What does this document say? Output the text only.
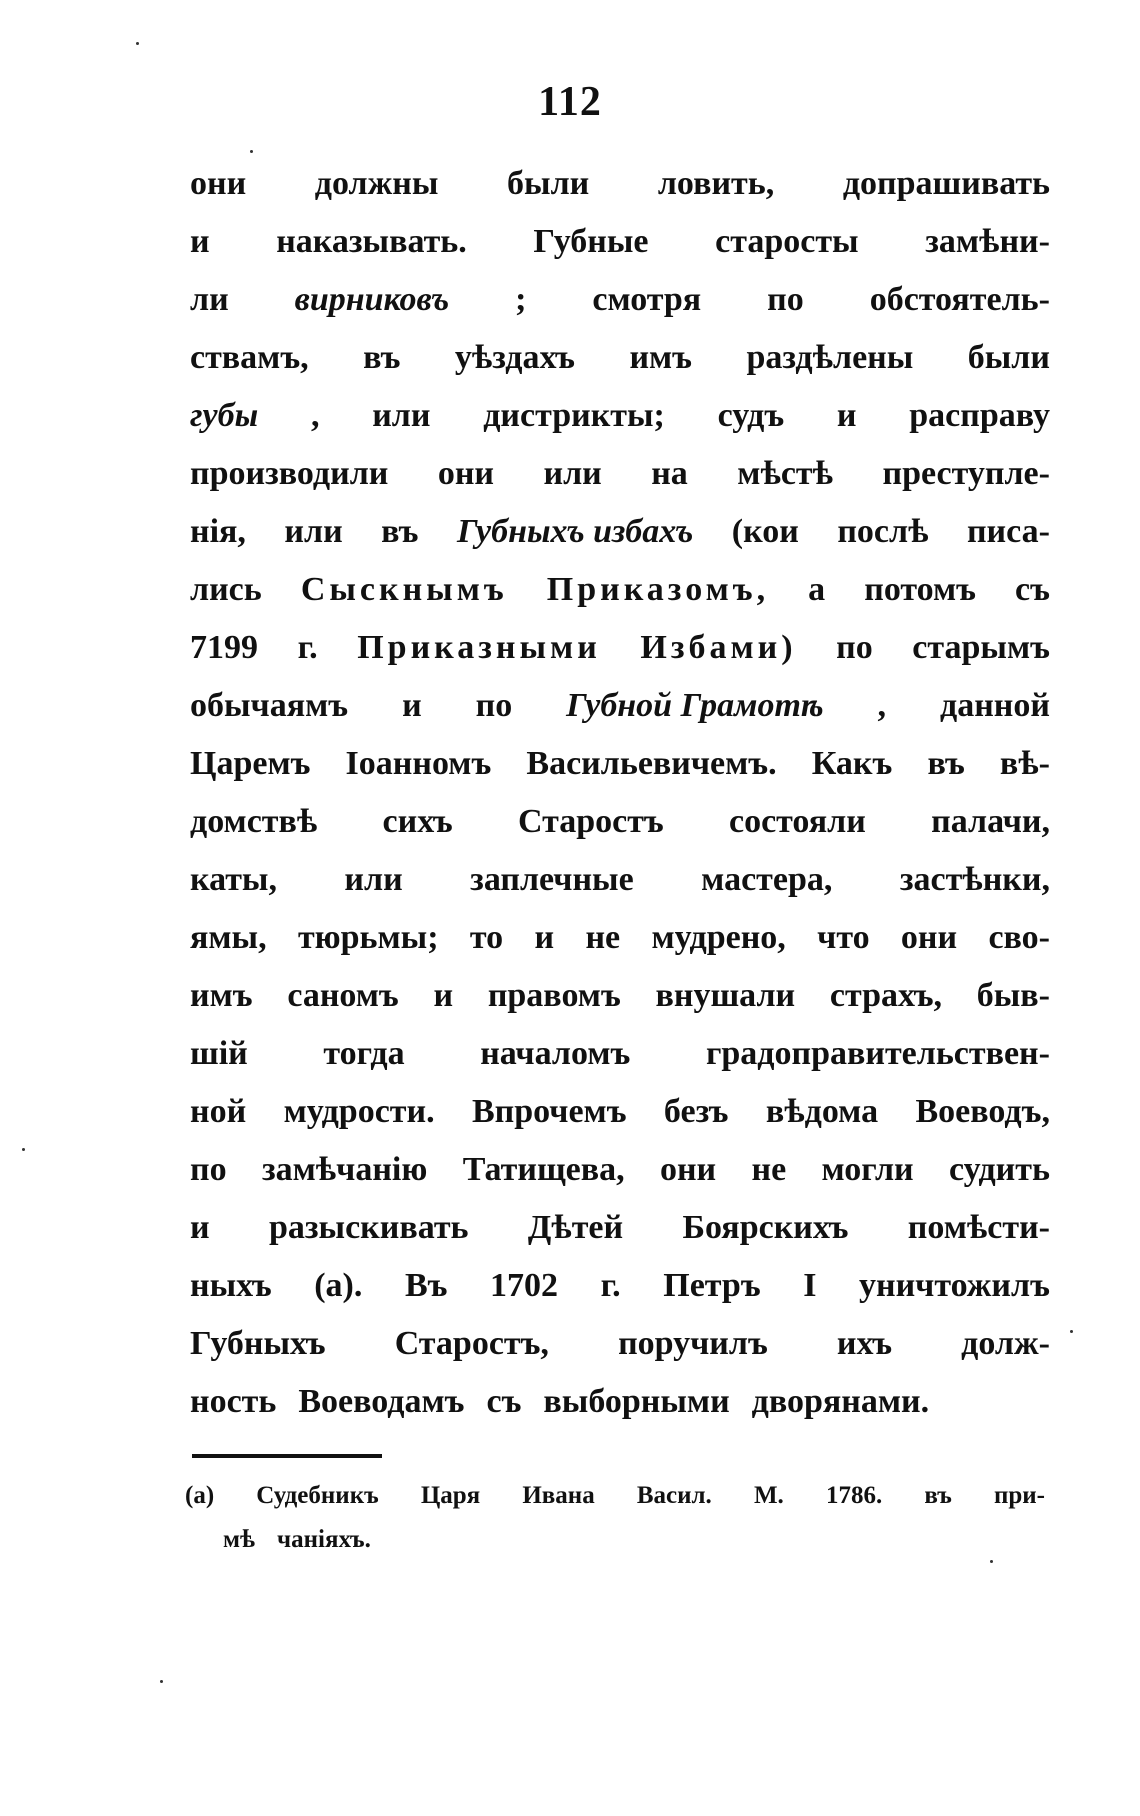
112
они должны были ловить, допрашивать
и наказывать. Губные старосты замѣни-
ли вирниковъ ; смотря по обстоятель-
ствамъ, въ уѣздахъ имъ раздѣлены были
губы , или дистрикты; судъ и расправу
производили они или на мѣстѣ преступле-
нія, или въ Губныхъ избахъ (кои послѣ писа-
лись Сыскнымъ Приказомъ, а потомъ съ
7199 г. Приказными Избами) по старымъ
обычаямъ и по Губной Грамотѣ , данной
Царемъ Іоанномъ Васильевичемъ. Какъ въ вѣ-
домствѣ сихъ Старостъ состояли палачи,
каты, или заплечные мастера, застѣнки,
ямы, тюрьмы; то и не мудрено, что они сво-
имъ саномъ и правомъ внушали страхъ, быв-
шій тогда началомъ градоправительствен-
ной мудрости. Впрочемъ безъ вѣдома Воеводъ,
по замѣчанію Татищева, они не могли судить
и разыскивать Дѣтей Боярскихъ помѣсти-
ныхъ (а). Въ 1702 г. Петръ I уничтожилъ
Губныхъ Старостъ, поручилъ ихъ долж-
ность Воеводамъ съ выборными дворянами.
(а) Судебникъ Царя Ивана Васил. М. 1786. въ при-
мѣ чаніяхъ.
